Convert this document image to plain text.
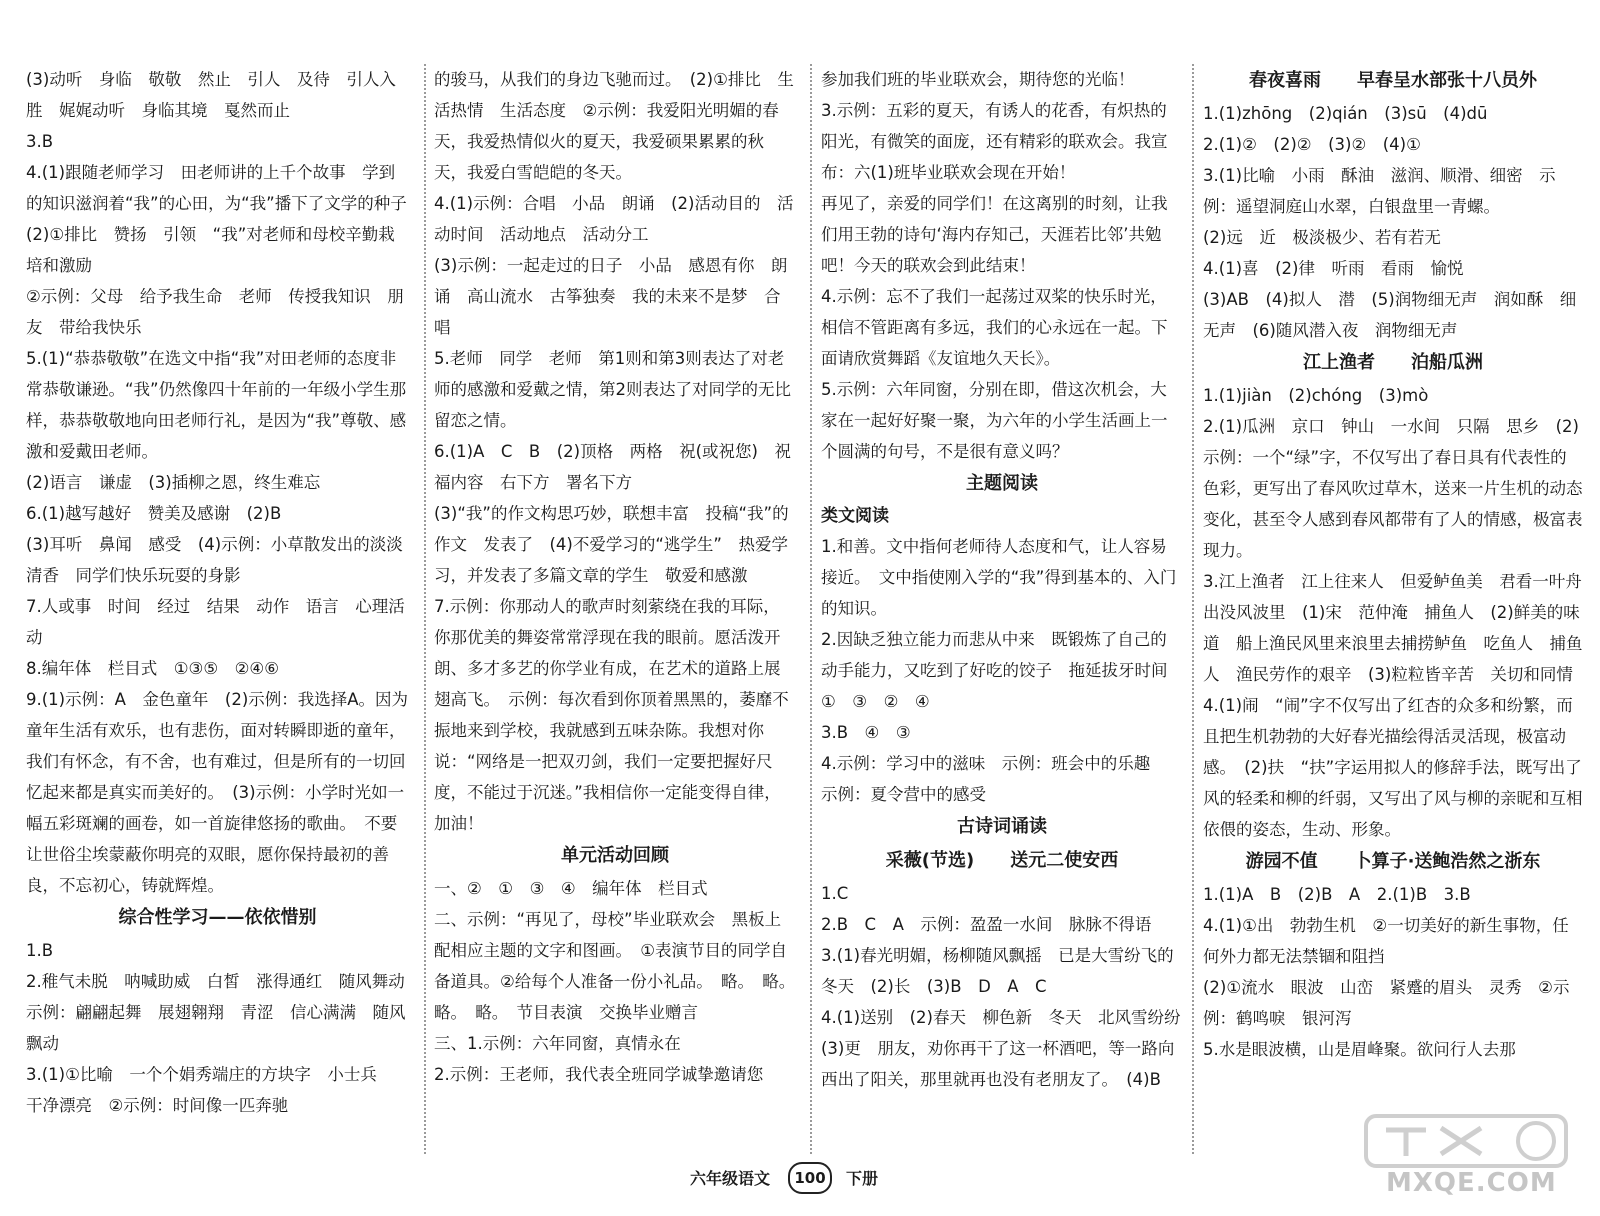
(3)动听　身临　敬敬　然止　引人　及待　引人入胜　娓娓动听　身临其境　戛然而止

3.B

4.(1)跟随老师学习　田老师讲的上千个故事　学到的知识滋润着“我”的心田，为“我”播下了文学的种子　(2)①排比　赞扬　引领　“我”对老师和母校辛勤栽培和激励

②示例：父母　给予我生命　老师　传授我知识　朋友　带给我快乐

5.(1)“恭恭敬敬”在选文中指“我”对田老师的态度非常恭敬谦逊。“我”仍然像四十年前的一年级小学生那样，恭恭敬敬地向田老师行礼，是因为“我”尊敬、感激和爱戴田老师。

(2)语言　谦虚　(3)插柳之恩，终生难忘

6.(1)越写越好　赞美及感谢　(2)B

(3)耳听　鼻闻　感受　(4)示例：小草散发出的淡淡清香　同学们快乐玩耍的身影

7.人或事　时间　经过　结果　动作　语言　心理活动

8.编年体　栏目式　①③⑤　②④⑥

9.(1)示例：A　金色童年　(2)示例：我选择A。因为童年生活有欢乐，也有悲伤，面对转瞬即逝的童年，我们有怀念，有不舍，也有难过，但是所有的一切回忆起来都是真实而美好的。　(3)示例：小学时光如一幅五彩斑斓的画卷，如一首旋律悠扬的歌曲。　不要让世俗尘埃蒙蔽你明亮的双眼，愿你保持最初的善良，不忘初心，铸就辉煌。

综合性学习——依依惜别

1.B

2.稚气未脱　呐喊助威　白皙　涨得通红　随风舞动　示例：翩翩起舞　展翅翱翔　青涩　信心满满　随风飘动

3.(1)①比喻　一个个娟秀端庄的方块字　小士兵　干净漂亮　②示例：时间像一匹奔驰

的骏马，从我们的身边飞驰而过。　(2)①排比　生活热情　生活态度　②示例：我爱阳光明媚的春天，我爱热情似火的夏天，我爱硕果累累的秋天，我爱白雪皑皑的冬天。

4.(1)示例：合唱　小品　朗诵　(2)活动目的　活动时间　活动地点　活动分工

(3)示例：一起走过的日子　小品　感恩有你　朗诵　高山流水　古筝独奏　我的未来不是梦　合唱

5.老师　同学　老师　第1则和第3则表达了对老师的感激和爱戴之情，第2则表达了对同学的无比留恋之情。

6.(1)A　C　B　(2)顶格　两格　祝(或祝您)　祝福内容　右下方　署名下方

(3)“我”的作文构思巧妙，联想丰富　投稿“我”的作文　发表了　(4)不爱学习的“逃学生”　热爱学习，并发表了多篇文章的学生　敬爱和感激

7.示例：你那动人的歌声时刻萦绕在我的耳际，你那优美的舞姿常常浮现在我的眼前。愿活泼开朗、多才多艺的你学业有成，在艺术的道路上展翅高飞。　示例：每次看到你顶着黑黑的，萎靡不振地来到学校，我就感到五味杂陈。我想对你说：“网络是一把双刃剑，我们一定要把握好尺度，不能过于沉迷。”我相信你一定能变得自律，加油！

单元活动回顾

一、②　①　③　④　编年体　栏目式

二、示例：“再见了，母校”毕业联欢会　黑板上配相应主题的文字和图画。　①表演节目的同学自备道具。②给每个人准备一份小礼品。　略。　略。　略。　略。　节目表演　交换毕业赠言

三、1.示例：六年同窗，真情永在

2.示例：王老师，我代表全班同学诚挚邀请您

参加我们班的毕业联欢会，期待您的光临！

3.示例：五彩的夏天，有诱人的花香，有炽热的阳光，有微笑的面庞，还有精彩的联欢会。我宣布：六(1)班毕业联欢会现在开始！

再见了，亲爱的同学们！在这离别的时刻，让我们用王勃的诗句‘海内存知己，天涯若比邻’共勉吧！今天的联欢会到此结束！

4.示例：忘不了我们一起荡过双桨的快乐时光，相信不管距离有多远，我们的心永远在一起。下面请欣赏舞蹈《友谊地久天长》。

5.示例：六年同窗，分别在即，借这次机会，大家在一起好好聚一聚，为六年的小学生活画上一个圆满的句号，不是很有意义吗？

主题阅读
类文阅读

1.和善。文中指何老师待人态度和气，让人容易接近。　文中指使刚入学的“我”得到基本的、入门的知识。

2.因缺乏独立能力而悲从中来　既锻炼了自己的动手能力，又吃到了好吃的饺子　拖延拔牙时间　①　③　②　④

3.B　④　③

4.示例：学习中的滋味　示例：班会中的乐趣　示例：夏令营中的感受

古诗词诵读
采薇(节选)　　送元二使安西

1.C

2.B　C　A　示例：盈盈一水间　脉脉不得语

3.(1)春光明媚，杨柳随风飘摇　已是大雪纷飞的冬天　(2)长　(3)B　D　A　C

4.(1)送别　(2)春天　柳色新　冬天　北风雪纷纷　(3)更　朋友，劝你再干了这一杯酒吧，等一路向西出了阳关，那里就再也没有老朋友了。　(4)B

春夜喜雨　　早春呈水部张十八员外

1.(1)zhōng　(2)qián　(3)sū　(4)dū

2.(1)②　(2)②　(3)②　(4)①

3.(1)比喻　小雨　酥油　滋润、顺滑、细密　示例：遥望洞庭山水翠，白银盘里一青螺。

(2)远　近　极淡极少、若有若无

4.(1)喜　(2)律　听雨　看雨　愉悦

(3)AB　(4)拟人　潜　(5)润物细无声　润如酥　细无声　(6)随风潜入夜　润物细无声

江上渔者　　泊船瓜洲

1.(1)jiàn　(2)chóng　(3)mò

2.(1)瓜洲　京口　钟山　一水间　只隔　思乡　(2)示例：一个“绿”字，不仅写出了春日具有代表性的色彩，更写出了春风吹过草木，送来一片生机的动态变化，甚至令人感到春风都带有了人的情感，极富表现力。

3.江上渔者　江上往来人　但爱鲈鱼美　君看一叶舟　出没风波里　(1)宋　范仲淹　捕鱼人　(2)鲜美的味道　船上渔民风里来浪里去捕捞鲈鱼　吃鱼人　捕鱼人　渔民劳作的艰辛　(3)粒粒皆辛苦　关切和同情

4.(1)闹　“闹”字不仅写出了红杏的众多和纷繁，而且把生机勃勃的大好春光描绘得活灵活现，极富动感。　(2)扶　“扶”字运用拟人的修辞手法，既写出了风的轻柔和柳的纤弱，又写出了风与柳的亲昵和互相依偎的姿态，生动、形象。

游园不值　　卜算子·送鲍浩然之浙东

1.(1)A　B　(2)B　A　2.(1)B　3.B

4.(1)①出　勃勃生机　②一切美好的新生事物，任何外力都无法禁锢和阻挡

(2)①流水　眼波　山峦　紧蹙的眉头　灵秀　②示例：鹤鸣唳　银河泻

5.水是眼波横，山是眉峰聚。欲问行人去那

六年级语文	100	下册	MXQE.COM
